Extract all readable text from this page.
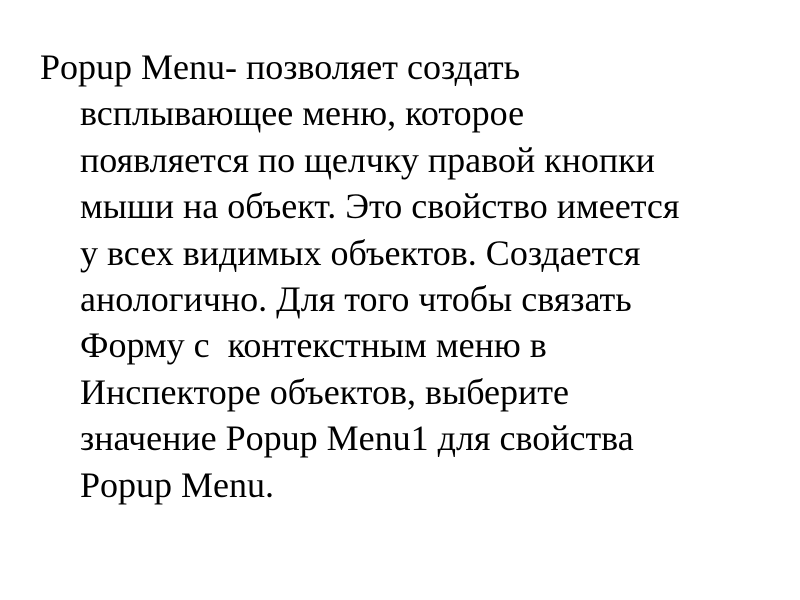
Popup Menu- позволяет создать
всплывающее меню, которое
появляется по щелчку правой кнопки
мыши на объект. Это свойство имеется
у всех видимых объектов. Создается
анологично. Для того чтобы связать
Форму с  контекстным меню в
Инспекторе объектов, выберите
значение Popup Menu1 для свойства
Popup Menu.
